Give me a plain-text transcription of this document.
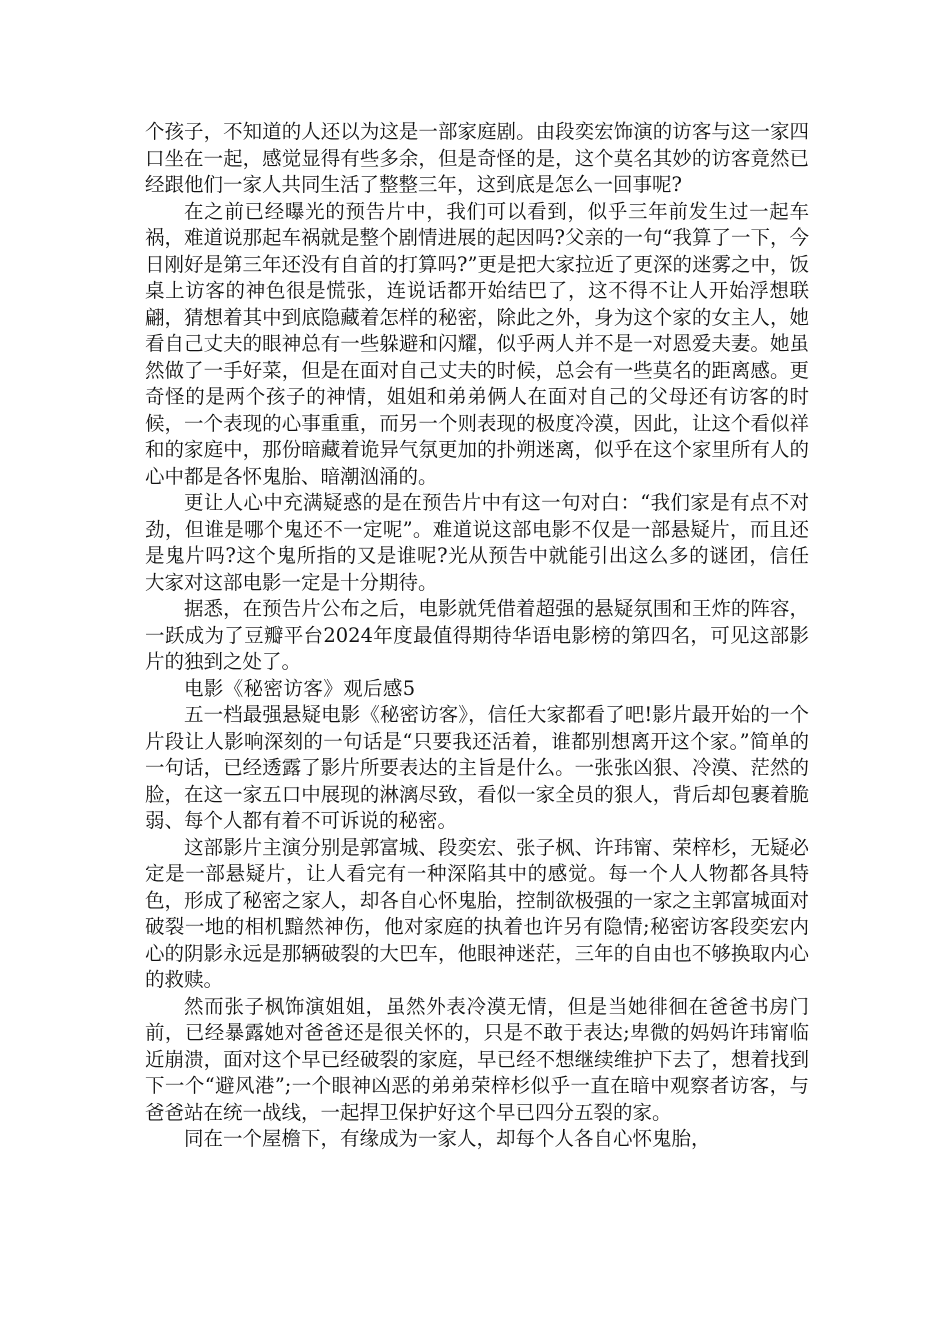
个孩子，不知道的人还以为这是一部家庭剧。由段奕宏饰演的访客与这一家四口坐在一起，感觉显得有些多余，但是奇怪的是，这个莫名其妙的访客竟然已经跟他们一家人共同生活了整整三年，这到底是怎么一回事呢?

在之前已经曝光的预告片中，我们可以看到，似乎三年前发生过一起车祸，难道说那起车祸就是整个剧情进展的起因吗?父亲的一句“我算了一下，今日刚好是第三年还没有自首的打算吗?”更是把大家拉近了更深的迷雾之中，饭桌上访客的神色很是慌张，连说话都开始结巴了，这不得不让人开始浮想联翩，猜想着其中到底隐藏着怎样的秘密，除此之外，身为这个家的女主人，她看自己丈夫的眼神总有一些躲避和闪耀，似乎两人并不是一对恩爱夫妻。她虽然做了一手好菜，但是在面对自己丈夫的时候，总会有一些莫名的距离感。更奇怪的是两个孩子的神情，姐姐和弟弟俩人在面对自己的父母还有访客的时候，一个表现的心事重重，而另一个则表现的极度冷漠，因此，让这个看似祥和的家庭中，那份暗藏着诡异气氛更加的扑朔迷离，似乎在这个家里所有人的心中都是各怀鬼胎、暗潮汹涌的。

更让人心中充满疑惑的是在预告片中有这一句对白：“我们家是有点不对劲，但谁是哪个鬼还不一定呢”。难道说这部电影不仅是一部悬疑片，而且还是鬼片吗?这个鬼所指的又是谁呢?光从预告中就能引出这么多的谜团，信任大家对这部电影一定是十分期待。

据悉，在预告片公布之后，电影就凭借着超强的悬疑氛围和王炸的阵容，一跃成为了豆瓣平台2024年度最值得期待华语电影榜的第四名，可见这部影片的独到之处了。

电影《秘密访客》观后感5

五一档最强悬疑电影《秘密访客》，信任大家都看了吧!影片最开始的一个片段让人影响深刻的一句话是“只要我还活着，谁都别想离开这个家。”简单的一句话，已经透露了影片所要表达的主旨是什么。一张张凶狠、冷漠、茫然的脸，在这一家五口中展现的淋漓尽致，看似一家全员的狠人，背后却包裹着脆弱、每个人都有着不可诉说的秘密。

这部影片主演分别是郭富城、段奕宏、张子枫、许玮甯、荣梓杉，无疑必定是一部悬疑片，让人看完有一种深陷其中的感觉。每一个人人物都各具特色，形成了秘密之家人，却各自心怀鬼胎，控制欲极强的一家之主郭富城面对破裂一地的相机黯然神伤，他对家庭的执着也许另有隐情;秘密访客段奕宏内心的阴影永远是那辆破裂的大巴车，他眼神迷茫，三年的自由也不够换取内心的救赎。

然而张子枫饰演姐姐，虽然外表冷漠无情，但是当她徘徊在爸爸书房门前，已经暴露她对爸爸还是很关怀的，只是不敢于表达;卑微的妈妈许玮甯临近崩溃，面对这个早已经破裂的家庭，早已经不想继续维护下去了，想着找到下一个“避风港”;一个眼神凶恶的弟弟荣梓杉似乎一直在暗中观察者访客，与爸爸站在统一战线，一起捍卫保护好这个早已四分五裂的家。

同在一个屋檐下，有缘成为一家人，却每个人各自心怀鬼胎，
